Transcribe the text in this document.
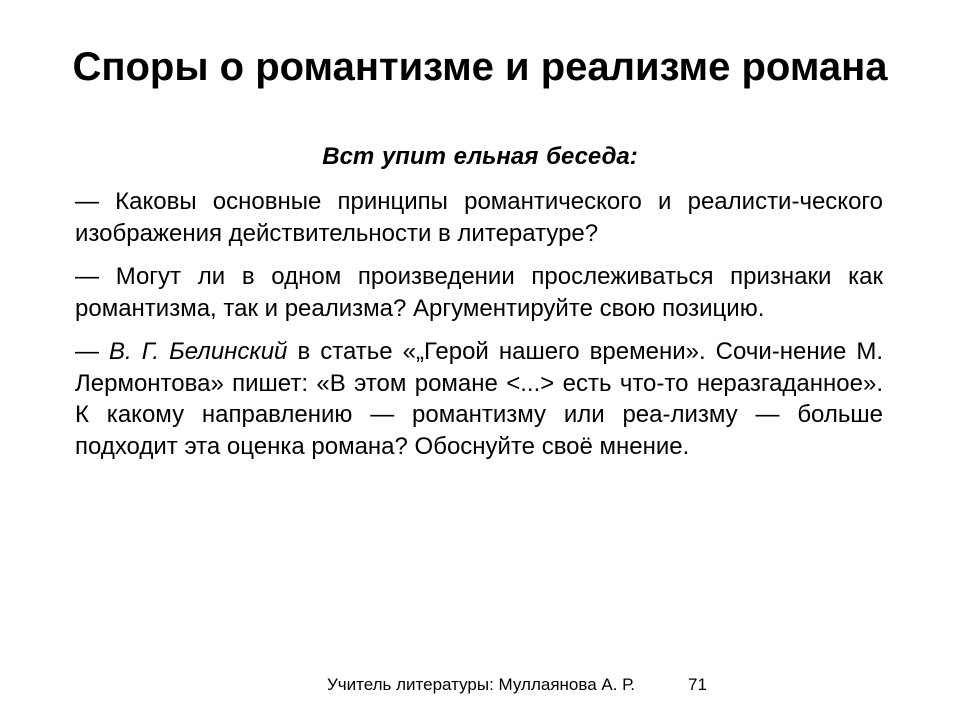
Споры о романтизме и реализме романа
Вст упит ельная беседа:

— Каковы основные принципы романтического и реалисти-ческого изображения действительности в литературе?

— Могут ли в одном произведении прослеживаться признаки как романтизма, так и реализма? Аргументируйте свою позицию.

— В. Г. Белинский в статье «„Герой нашего времени». Сочи-нение М. Лермонтова» пишет: «В этом романе <...> есть что-то неразгаданное». К какому направлению — романтизму или реа-лизму — больше подходит эта оценка романа? Обоснуйте своё мнение.

Учитель литературы: Муллаянова А. Р.	71
